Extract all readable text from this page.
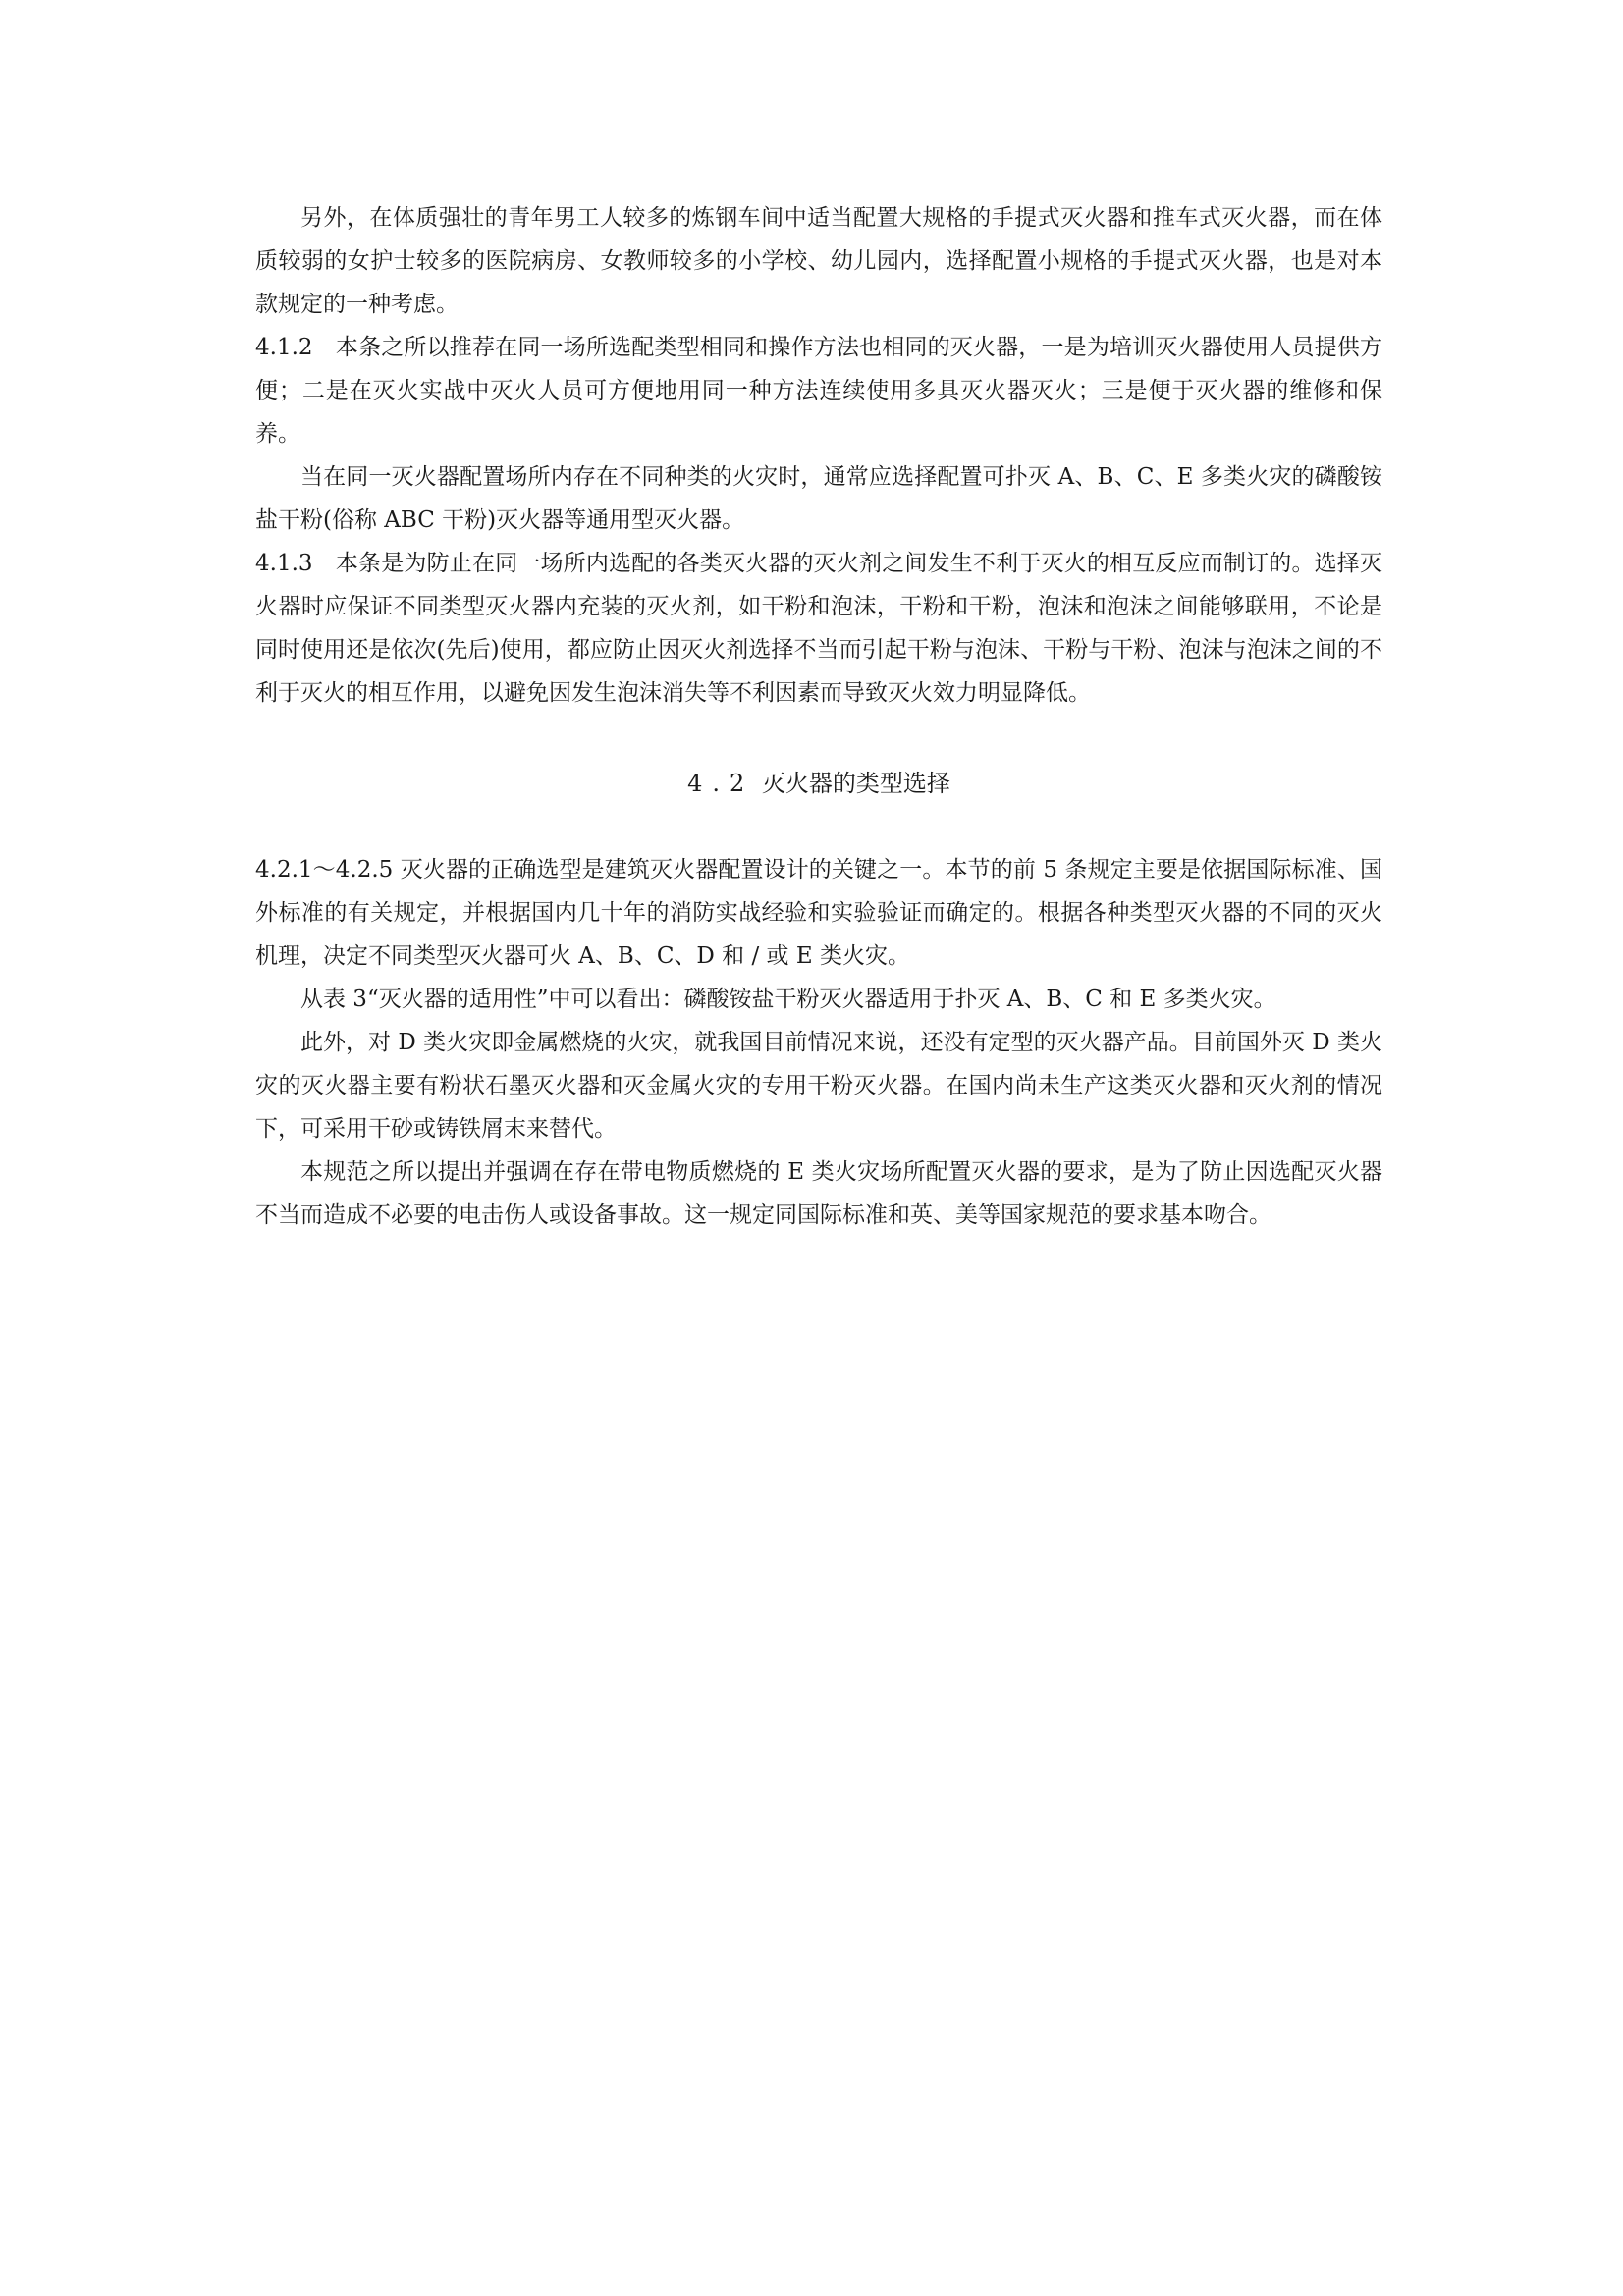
另外，在体质强壮的青年男工人较多的炼钢车间中适当配置大规格的手提式灭火器和推车式灭火器，而在体质较弱的女护士较多的医院病房、女教师较多的小学校、幼儿园内，选择配置小规格的手提式灭火器，也是对本款规定的一种考虑。

4.1.2　本条之所以推荐在同一场所选配类型相同和操作方法也相同的灭火器，一是为培训灭火器使用人员提供方便；二是在灭火实战中灭火人员可方便地用同一种方法连续使用多具灭火器灭火；三是便于灭火器的维修和保养。

当在同一灭火器配置场所内存在不同种类的火灾时，通常应选择配置可扑灭 A、B、C、E 多类火灾的磷酸铵盐干粉(俗称 ABC 干粉)灭火器等通用型灭火器。

4.1.3　本条是为防止在同一场所内选配的各类灭火器的灭火剂之间发生不利于灭火的相互反应而制订的。选择灭火器时应保证不同类型灭火器内充装的灭火剂，如干粉和泡沫，干粉和干粉，泡沫和泡沫之间能够联用，不论是同时使用还是依次(先后)使用，都应防止因灭火剂选择不当而引起干粉与泡沫、干粉与干粉、泡沫与泡沫之间的不利于灭火的相互作用，以避免因发生泡沫消失等不利因素而导致灭火效力明显降低。

4.2 灭火器的类型选择

4.2.1～4.2.5 灭火器的正确选型是建筑灭火器配置设计的关键之一。本节的前 5 条规定主要是依据国际标准、国外标准的有关规定，并根据国内几十年的消防实战经验和实验验证而确定的。根据各种类型灭火器的不同的灭火机理，决定不同类型灭火器可火 A、B、C、D 和 / 或 E 类火灾。

从表 3“灭火器的适用性”中可以看出：磷酸铵盐干粉灭火器适用于扑灭 A、B、C 和 E 多类火灾。

此外，对 D 类火灾即金属燃烧的火灾，就我国目前情况来说，还没有定型的灭火器产品。目前国外灭 D 类火灾的灭火器主要有粉状石墨灭火器和灭金属火灾的专用干粉灭火器。在国内尚未生产这类灭火器和灭火剂的情况下，可采用干砂或铸铁屑末来替代。

本规范之所以提出并强调在存在带电物质燃烧的 E 类火灾场所配置灭火器的要求，是为了防止因选配灭火器不当而造成不必要的电击伤人或设备事故。这一规定同国际标准和英、美等国家规范的要求基本吻合。
